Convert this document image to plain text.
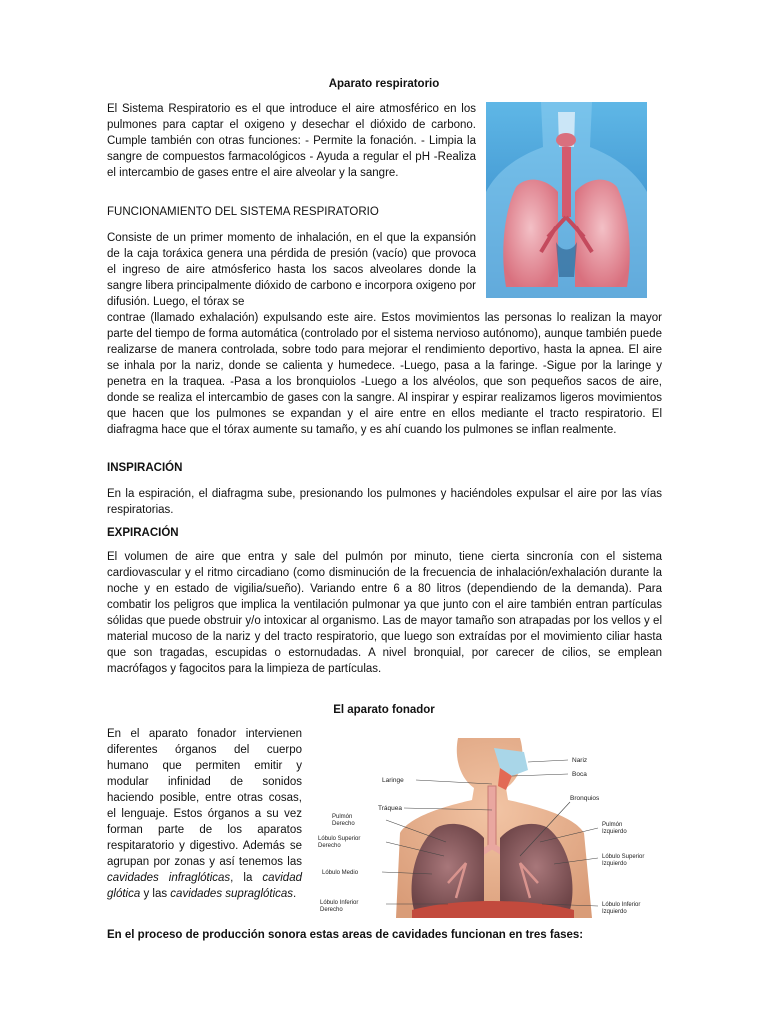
Aparato respiratorio

El Sistema Respiratorio es el que introduce el aire atmosférico en los pulmones para captar el oxigeno y desechar el dióxido de carbono. Cumple también con otras funciones: - Permite la fonación. - Limpia la sangre de compuestos farmacológicos - Ayuda a regular el pH -Realiza el intercambio de gases entre el aire alveolar y la sangre.

FUNCIONAMIENTO DEL SISTEMA RESPIRATORIO

Consiste de un primer momento de inhalación, en el que la expansión de la caja toráxica genera una pérdida de presión (vacío) que provoca el ingreso de aire atmósferico hasta los sacos alveolares donde la sangre libera principalmente dióxido de carbono e incorpora oxigeno por difusión. Luego, el tórax se

contrae (llamado exhalación) expulsando este aire. Estos movimientos las personas lo realizan la mayor parte del tiempo de forma automática (controlado por el sistema nervioso autónomo), aunque también puede realizarse de manera controlada, sobre todo para mejorar el rendimiento deportivo, hasta la apnea. El aire se inhala por la nariz, donde se calienta y humedece. -Luego, pasa a la faringe. -Sigue por la laringe y penetra en la traquea. -Pasa a los bronquiolos -Luego a los alvéolos, que son pequeños sacos de aire, donde se realiza el intercambio de gases con la sangre. Al inspirar y espirar realizamos ligeros movimientos que hacen que los pulmones se expandan y el aire entre en ellos mediante el tracto respiratorio. El diafragma hace que el tórax aumente su tamaño, y es ahí cuando los pulmones se inflan realmente.

INSPIRACIÓN

En la espiración, el diafragma sube, presionando los pulmones y haciéndoles expulsar el aire por las vías respiratorias.

EXPIRACIÓN

El volumen de aire que entra y sale del pulmón por minuto, tiene cierta sincronía con el sistema cardiovascular y el ritmo circadiano (como disminución de la frecuencia de inhalación/exhalación durante la noche y en estado de vigilia/sueño). Variando entre 6 a 80 litros (dependiendo de la demanda). Para combatir los peligros que implica la ventilación pulmonar ya que junto con el aire también entran partículas sólidas que puede obstruir y/o intoxicar al organismo. Las de mayor tamaño son atrapadas por los vellos y el material mucoso de la nariz y del tracto respiratorio, que luego son extraídas por el movimiento ciliar hasta que son tragadas, escupidas o estornudadas. A nivel bronquial, por carecer de cilios, se emplean macrófagos y fagocitos para la limpieza de partículas.

El aparato fonador

En el aparato fonador intervienen diferentes órganos del cuerpo humano que permiten emitir y modular infinidad de sonidos haciendo posible, entre otras cosas, el lenguaje. Estos órganos a su vez forman parte de los aparatos respitaratorio y digestivo. Además se agrupan por zonas y así tenemos las cavidades infraglóticas, la cavidad glótica y las cavidades supraglóticas.

Nariz
Boca
Laringe
Bronquios
Tráquea
Pulmón Derecho	Pulmón Izquierdo
Lóbulo Superior Derecho
Lóbulo Superior Izquierdo
Lóbulo Medio
Lóbulo Inferior Derecho
Lóbulo Inferior Izquierdo

En el proceso de producción sonora estas areas de cavidades funcionan en tres fases:
